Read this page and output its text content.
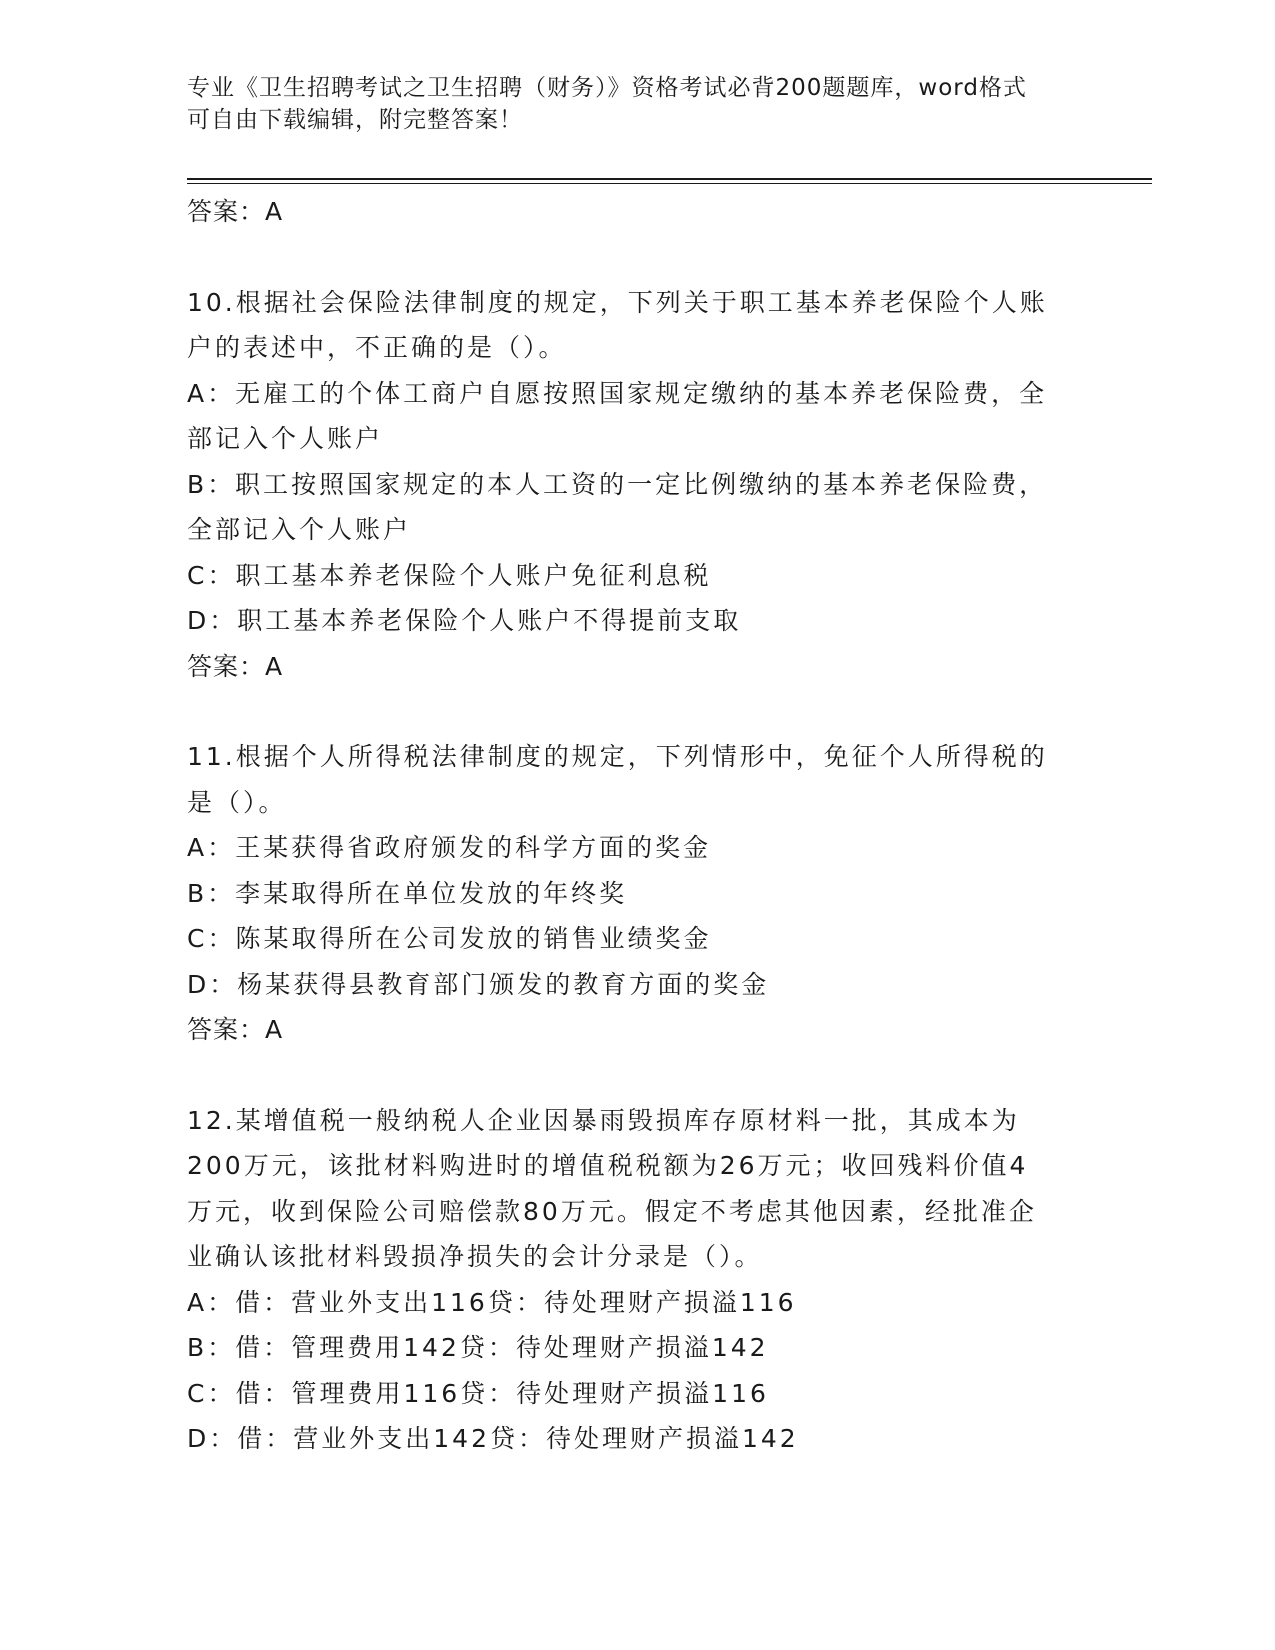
专业《卫生招聘考试之卫生招聘（财务）》资格考试必背200题题库，word格式
可自由下载编辑，附完整答案！
答案：A
10.根据社会保险法律制度的规定，下列关于职工基本养老保险个人账
户的表述中，不正确的是（）。
A：无雇工的个体工商户自愿按照国家规定缴纳的基本养老保险费，全
部记入个人账户
B：职工按照国家规定的本人工资的一定比例缴纳的基本养老保险费，
全部记入个人账户
C：职工基本养老保险个人账户免征利息税
D：职工基本养老保险个人账户不得提前支取
答案：A
11.根据个人所得税法律制度的规定，下列情形中，免征个人所得税的
是（）。
A：王某获得省政府颁发的科学方面的奖金
B：李某取得所在单位发放的年终奖
C：陈某取得所在公司发放的销售业绩奖金
D：杨某获得县教育部门颁发的教育方面的奖金
答案：A
12.某增值税一般纳税人企业因暴雨毁损库存原材料一批，其成本为
200万元，该批材料购进时的增值税税额为26万元；收回残料价值4
万元，收到保险公司赔偿款80万元。假定不考虑其他因素，经批准企
业确认该批材料毁损净损失的会计分录是（）。
A：借：营业外支出116贷：待处理财产损溢116
B：借：管理费用142贷：待处理财产损溢142
C：借：管理费用116贷：待处理财产损溢116
D：借：营业外支出142贷：待处理财产损溢142
